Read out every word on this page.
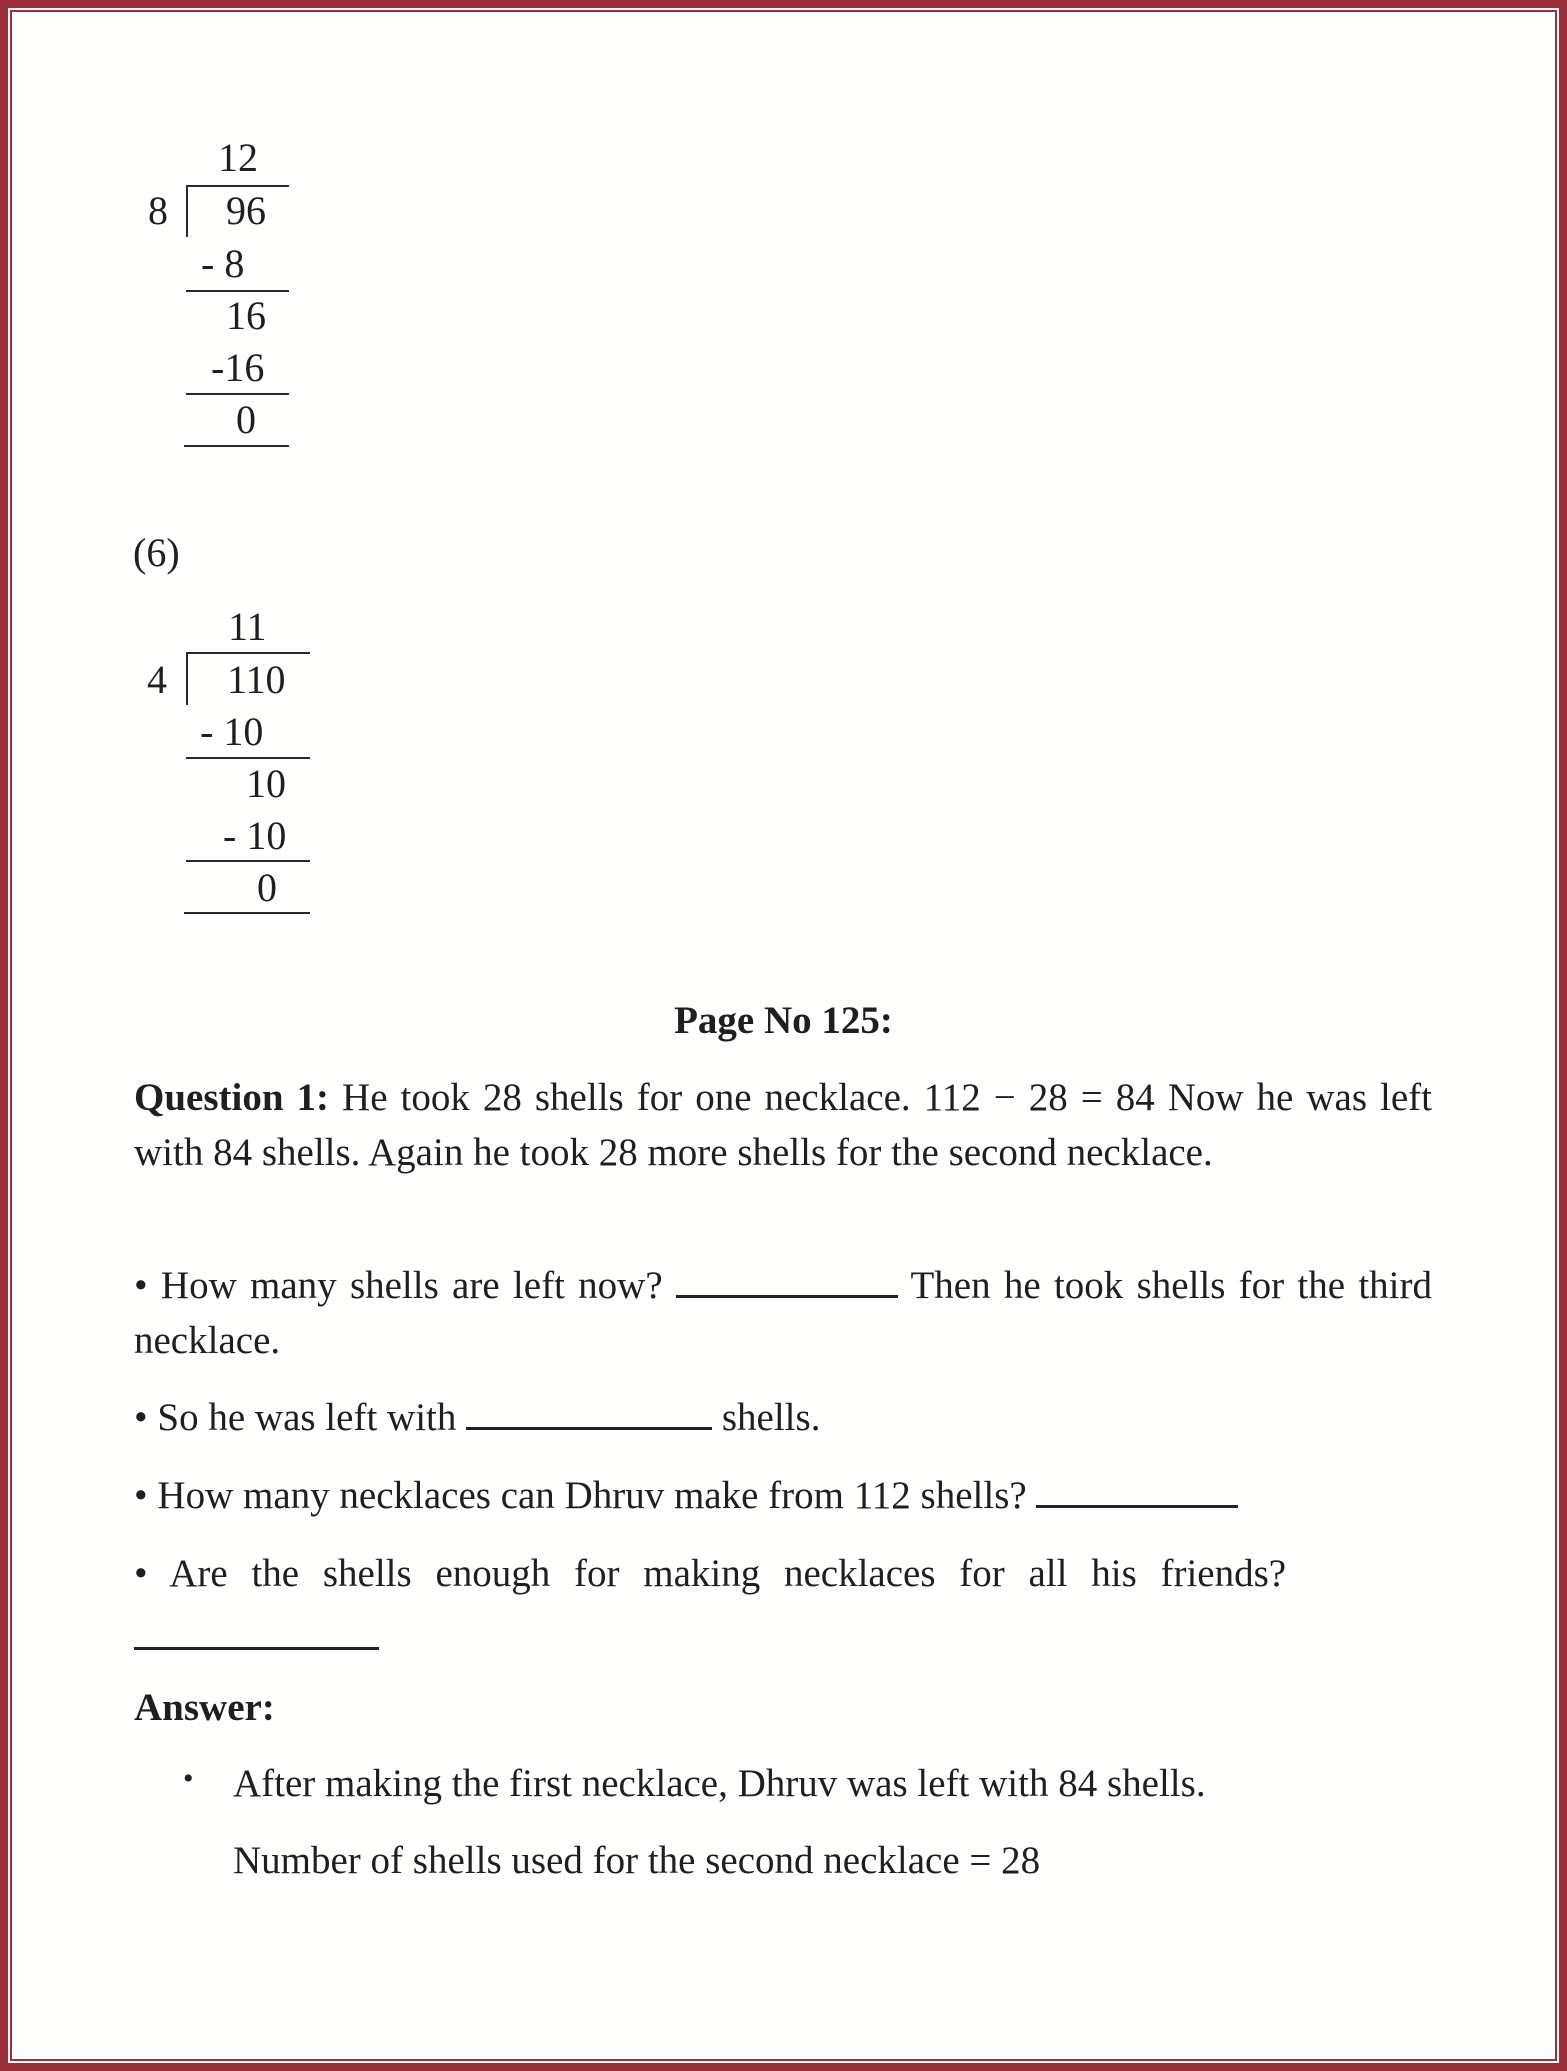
12
8 96
- 8
16
-16
0
(6)
11
4 110
- 10
10
- 10
0
Page No 125:
Question 1: He took 28 shells for one necklace. 112 − 28 = 84 Now he was left with 84 shells. Again he took 28 more shells for the second necklace.
• How many shells are left now?	Then he took shells for the third necklace.
• So he was left with	shells.
• How many necklaces can Dhruv make from 112 shells?
• Are the shells enough for making necklaces for all his friends?
Answer:
• After making the first necklace, Dhruv was left with 84 shells.
Number of shells used for the second necklace = 28
